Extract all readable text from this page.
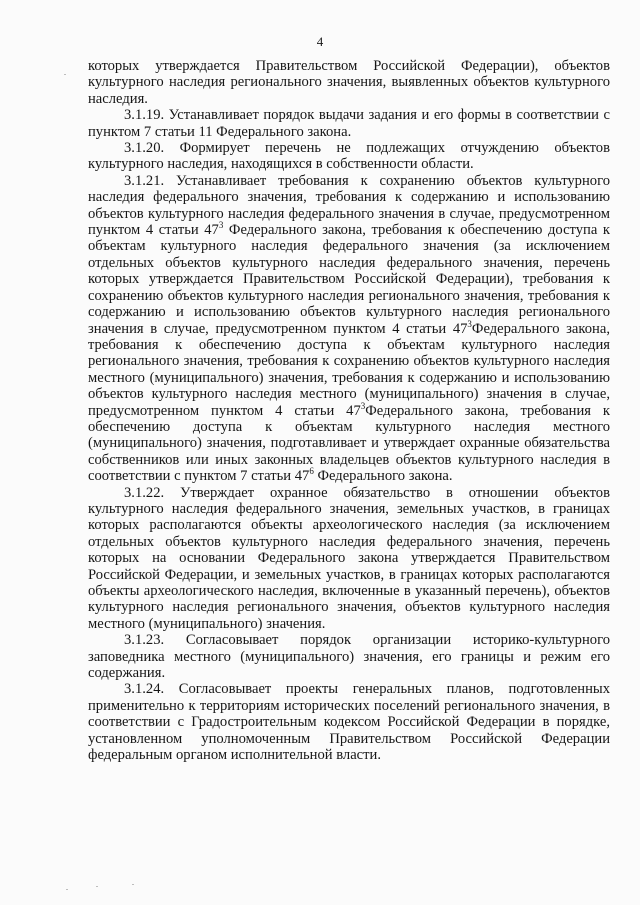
4

которых утверждается Правительством Российской Федерации), объектов культурного наследия регионального значения, выявленных объектов культурного наследия.

3.1.19. Устанавливает порядок выдачи задания и его формы в соответствии с пунктом 7 статьи 11 Федерального закона.

3.1.20. Формирует перечень не подлежащих отчуждению объектов культурного наследия, находящихся в собственности области.

3.1.21. Устанавливает требования к сохранению объектов культурного наследия федерального значения, требования к содержанию и использованию объектов культурного наследия федерального значения в случае, предусмотренном пунктом 4 статьи $47^3$ Федерального закона, требования к обеспечению доступа к объектам культурного наследия федерального значения (за исключением отдельных объектов культурного наследия федерального значения, перечень которых утверждается Правительством Российской Федерации), требования к сохранению объектов культурного наследия регионального значения, требования к содержанию и использованию объектов культурного наследия регионального значения в случае, предусмотренном пунктом 4 статьи $47^3Федерального$ закона, требования к обеспечению доступа к объектам культурного наследия регионального значения, требования к сохранению объектов культурного наследия местного (муниципального) значения, требования к содержанию и использованию объектов культурного наследия местного (муниципального) значения в случае, предусмотренном пунктом 4 статьи $47^3Федерального$ закона, требования к обеспечению доступа к объектам культурного наследия местного (муниципального) значения, подготавливает и утверждает охранные обязательства собственников или иных законных владельцев объектов культурного наследия в соответствии с пунктом 7 статьи $47^6$ Федерального закона.

3.1.22. Утверждает охранное обязательство в отношении объектов культурного наследия федерального значения, земельных участков, в границах которых располагаются объекты археологического наследия (за исключением отдельных объектов культурного наследия федерального значения, перечень которых на основании Федерального закона утверждается Правительством Российской Федерации, и земельных участков, в границах которых располагаются объекты археологического наследия, включенные в указанный перечень), объектов культурного наследия регионального значения, объектов культурного наследия местного (муниципального) значения.

3.1.23. Согласовывает порядок организации историко-культурного заповедника местного (муниципального) значения, его границы и режим его содержания.

3.1.24. Согласовывает проекты генеральных планов, подготовленных применительно к территориям исторических поселений регионального значения, в соответствии с Градостроительным кодексом Российской Федерации в порядке, установленном уполномоченным Правительством Российской Федерации федеральным органом исполнительной власти.
